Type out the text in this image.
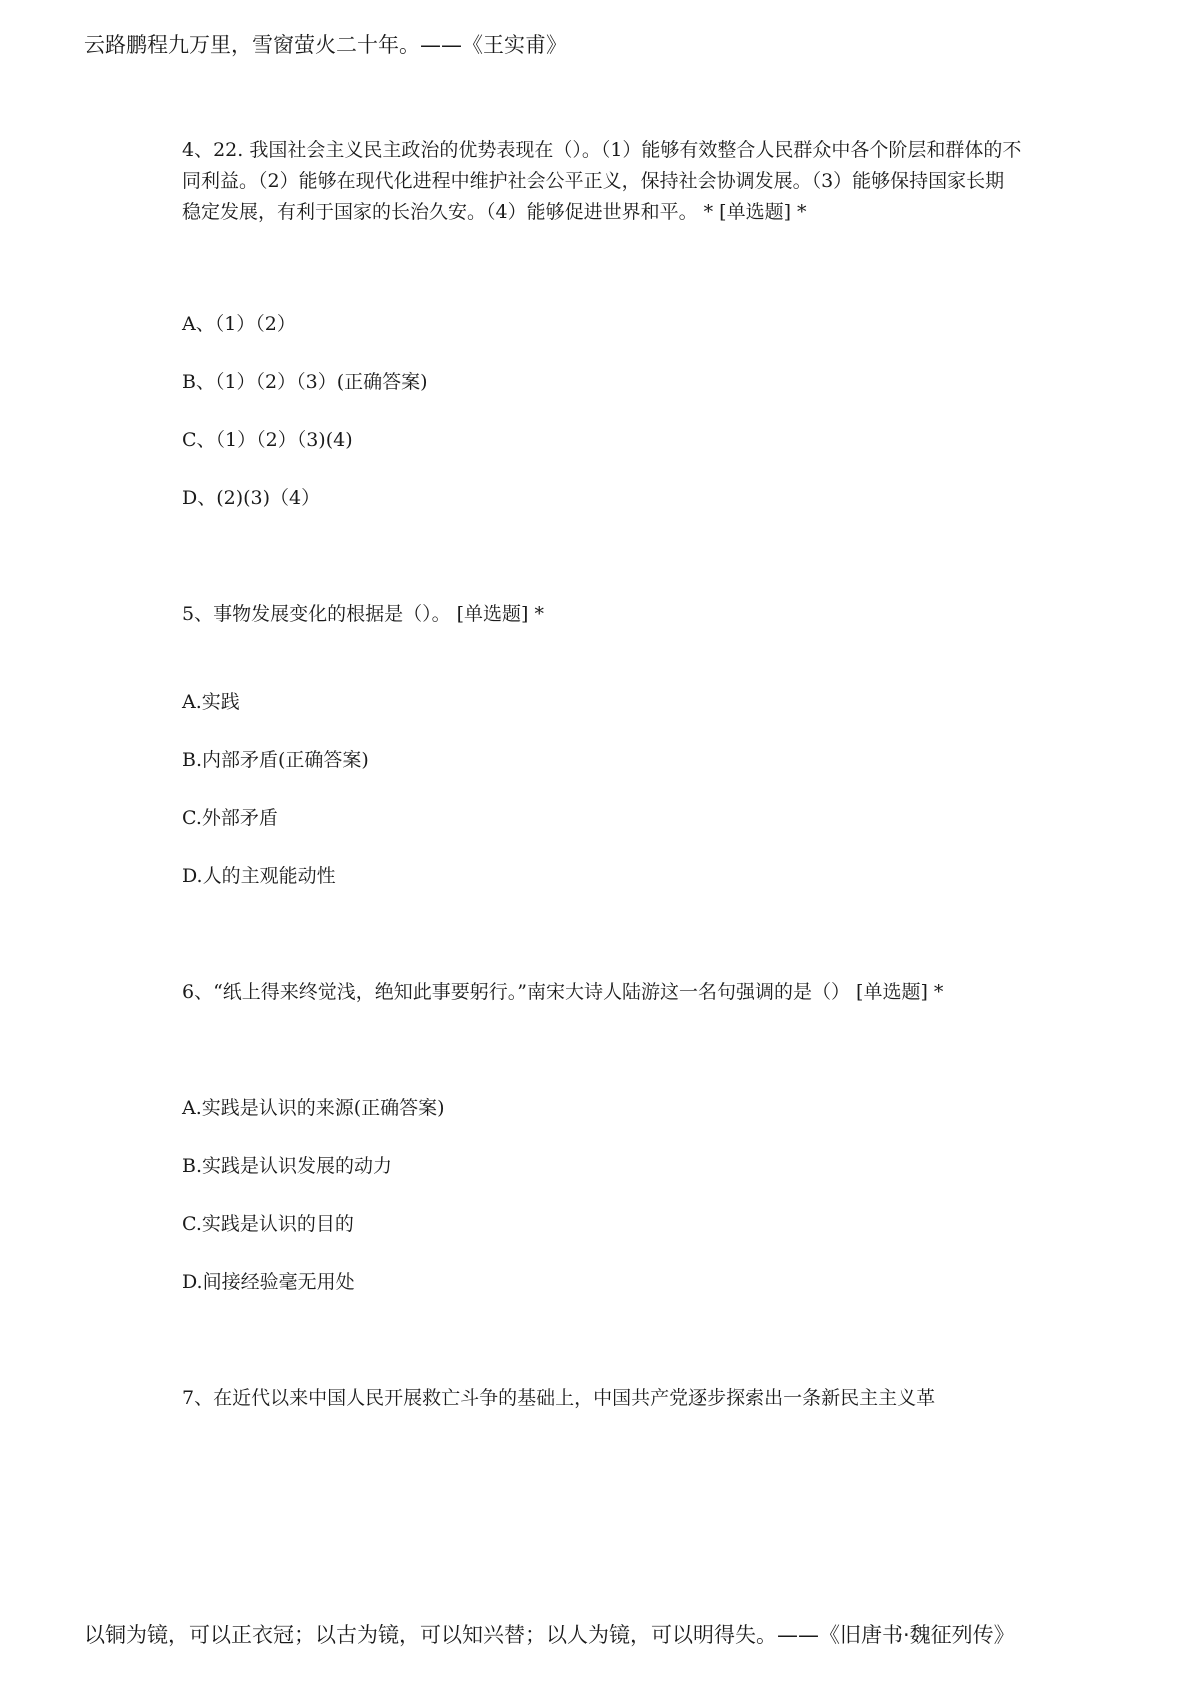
云路鹏程九万里，雪窗萤火二十年。——《王实甫》
4、22. 我国社会主义民主政治的优势表现在（）。（1）能够有效整合人民群众中各个阶层和群体的不同利益。（2）能够在现代化进程中维护社会公平正义，保持社会协调发展。（3）能够保持国家长期稳定发展，有利于国家的长治久安。（4）能够促进世界和平。 * [单选题] *
A、（1）（2）
B、（1）（2）（3）(正确答案)
C、（1）（2）（3)(4)
D、(2)(3)（4）
5、事物发展变化的根据是（）。 [单选题] *
A.实践
B.内部矛盾(正确答案)
C.外部矛盾
D.人的主观能动性
6、“纸上得来终觉浅，绝知此事要躬行。”南宋大诗人陆游这一名句强调的是（） [单选题] *
A.实践是认识的来源(正确答案)
B.实践是认识发展的动力
C.实践是认识的目的
D.间接经验毫无用处
7、在近代以来中国人民开展救亡斗争的基础上，中国共产党逐步探索出一条新民主主义革
以铜为镜，可以正衣冠；以古为镜，可以知兴替；以人为镜，可以明得失。——《旧唐书·魏征列传》
